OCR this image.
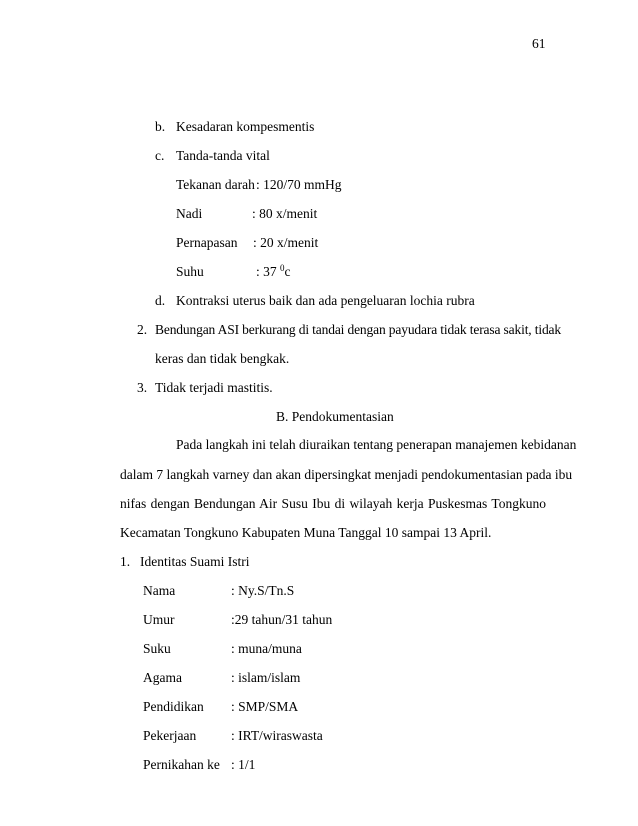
61
b. Kesadaran kompesmentis
c. Tanda-tanda vital
Tekanan darah : 120/70 mmHg
Nadi	: 80 x/menit
Pernapasan : 20 x/menit
Suhu	: 37 $^0$c
d. Kontraksi uterus baik dan ada pengeluaran lochia rubra
2. Bendungan ASI berkurang di tandai dengan payudara tidak terasa sakit, tidak
keras dan tidak bengkak.
3. Tidak terjadi mastitis.
B. Pendokumentasian
Pada langkah ini telah diuraikan tentang penerapan manajemen kebidanan
dalam 7 langkah varney dan akan dipersingkat menjadi pendokumentasian pada ibu
nifas dengan Bendungan Air Susu Ibu di wilayah kerja Puskesmas Tongkuno
Kecamatan Tongkuno Kabupaten Muna Tanggal 10 sampai 13 April.
1. Identitas Suami Istri
Nama	: Ny.S/Tn.S
Umur	:29 tahun/31 tahun
Suku	: muna/muna
Agama	: islam/islam
Pendidikan : SMP/SMA
Pekerjaan	: IRT/wiraswasta
Pernikahan ke : 1/1
